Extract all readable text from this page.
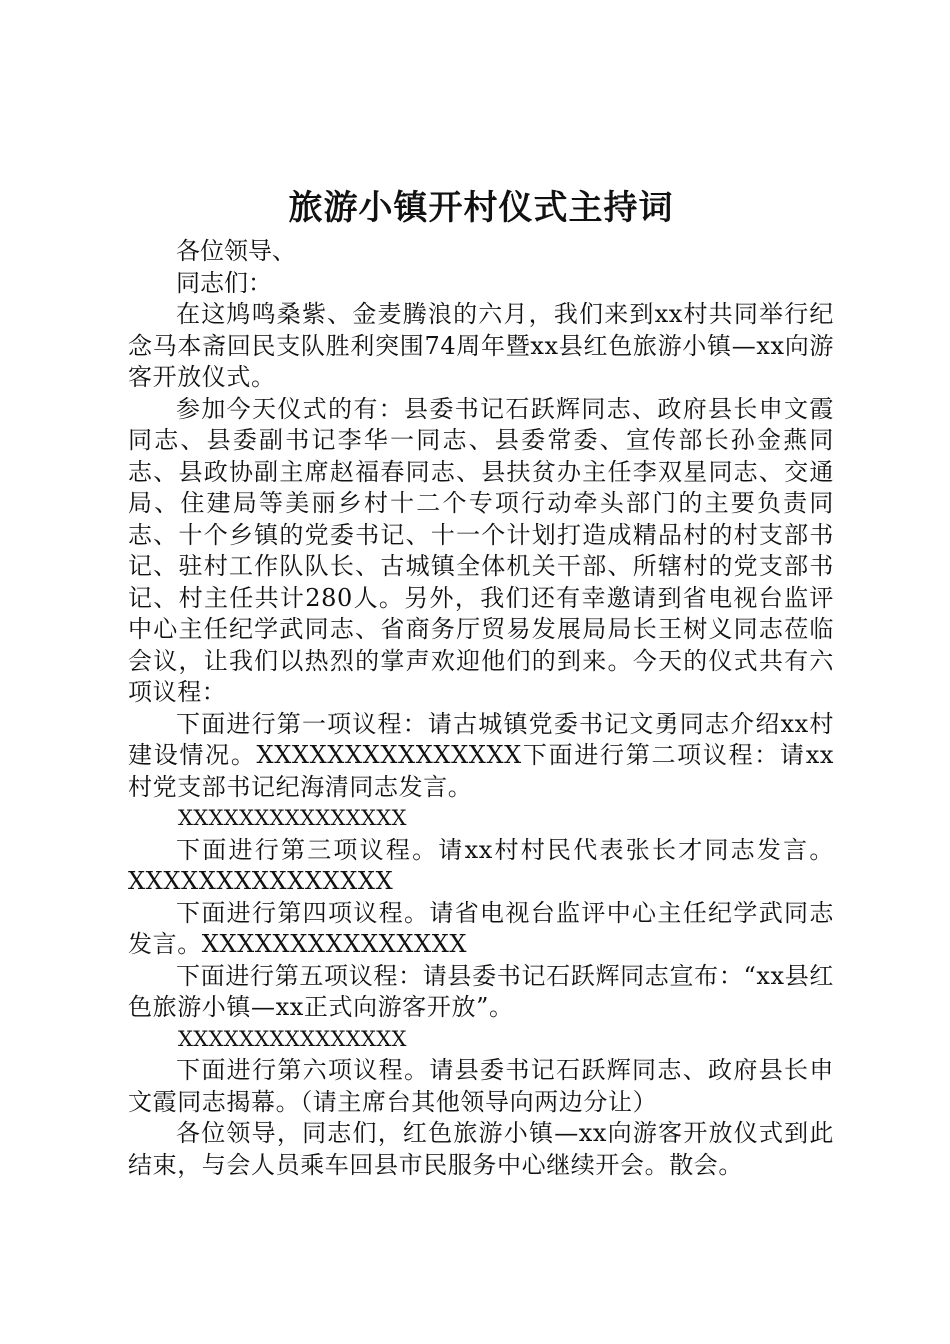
旅游小镇开村仪式主持词

各位领导、

同志们：

在这鸠鸣桑紫、金麦腾浪的六月，我们来到xx村共同举行纪念马本斋回民支队胜利突围74周年暨xx县红色旅游小镇—xx向游客开放仪式。

参加今天仪式的有：县委书记石跃辉同志、政府县长申文霞同志、县委副书记李华一同志、县委常委、宣传部长孙金燕同志、县政协副主席赵福春同志、县扶贫办主任李双星同志、交通局、住建局等美丽乡村十二个专项行动牵头部门的主要负责同志、十个乡镇的党委书记、十一个计划打造成精品村的村支部书记、驻村工作队队长、古城镇全体机关干部、所辖村的党支部书记、村主任共计280人。另外，我们还有幸邀请到省电视台监评中心主任纪学武同志、省商务厅贸易发展局局长王树义同志莅临会议，让我们以热烈的掌声欢迎他们的到来。今天的仪式共有六项议程：

下面进行第一项议程：请古城镇党委书记文勇同志介绍xx村建设情况。XXXXXXXXXXXXXXX下面进行第二项议程：请xx村党支部书记纪海清同志发言。

XXXXXXXXXXXXXXX

下面进行第三项议程。请xx村村民代表张长才同志发言。XXXXXXXXXXXXXXX

下面进行第四项议程。请省电视台监评中心主任纪学武同志发言。XXXXXXXXXXXXXXX

下面进行第五项议程：请县委书记石跃辉同志宣布：“xx县红色旅游小镇—xx正式向游客开放”。

XXXXXXXXXXXXXXX

下面进行第六项议程。请县委书记石跃辉同志、政府县长申文霞同志揭幕。（请主席台其他领导向两边分让）

各位领导，同志们，红色旅游小镇—xx向游客开放仪式到此结束，与会人员乘车回县市民服务中心继续开会。散会。
